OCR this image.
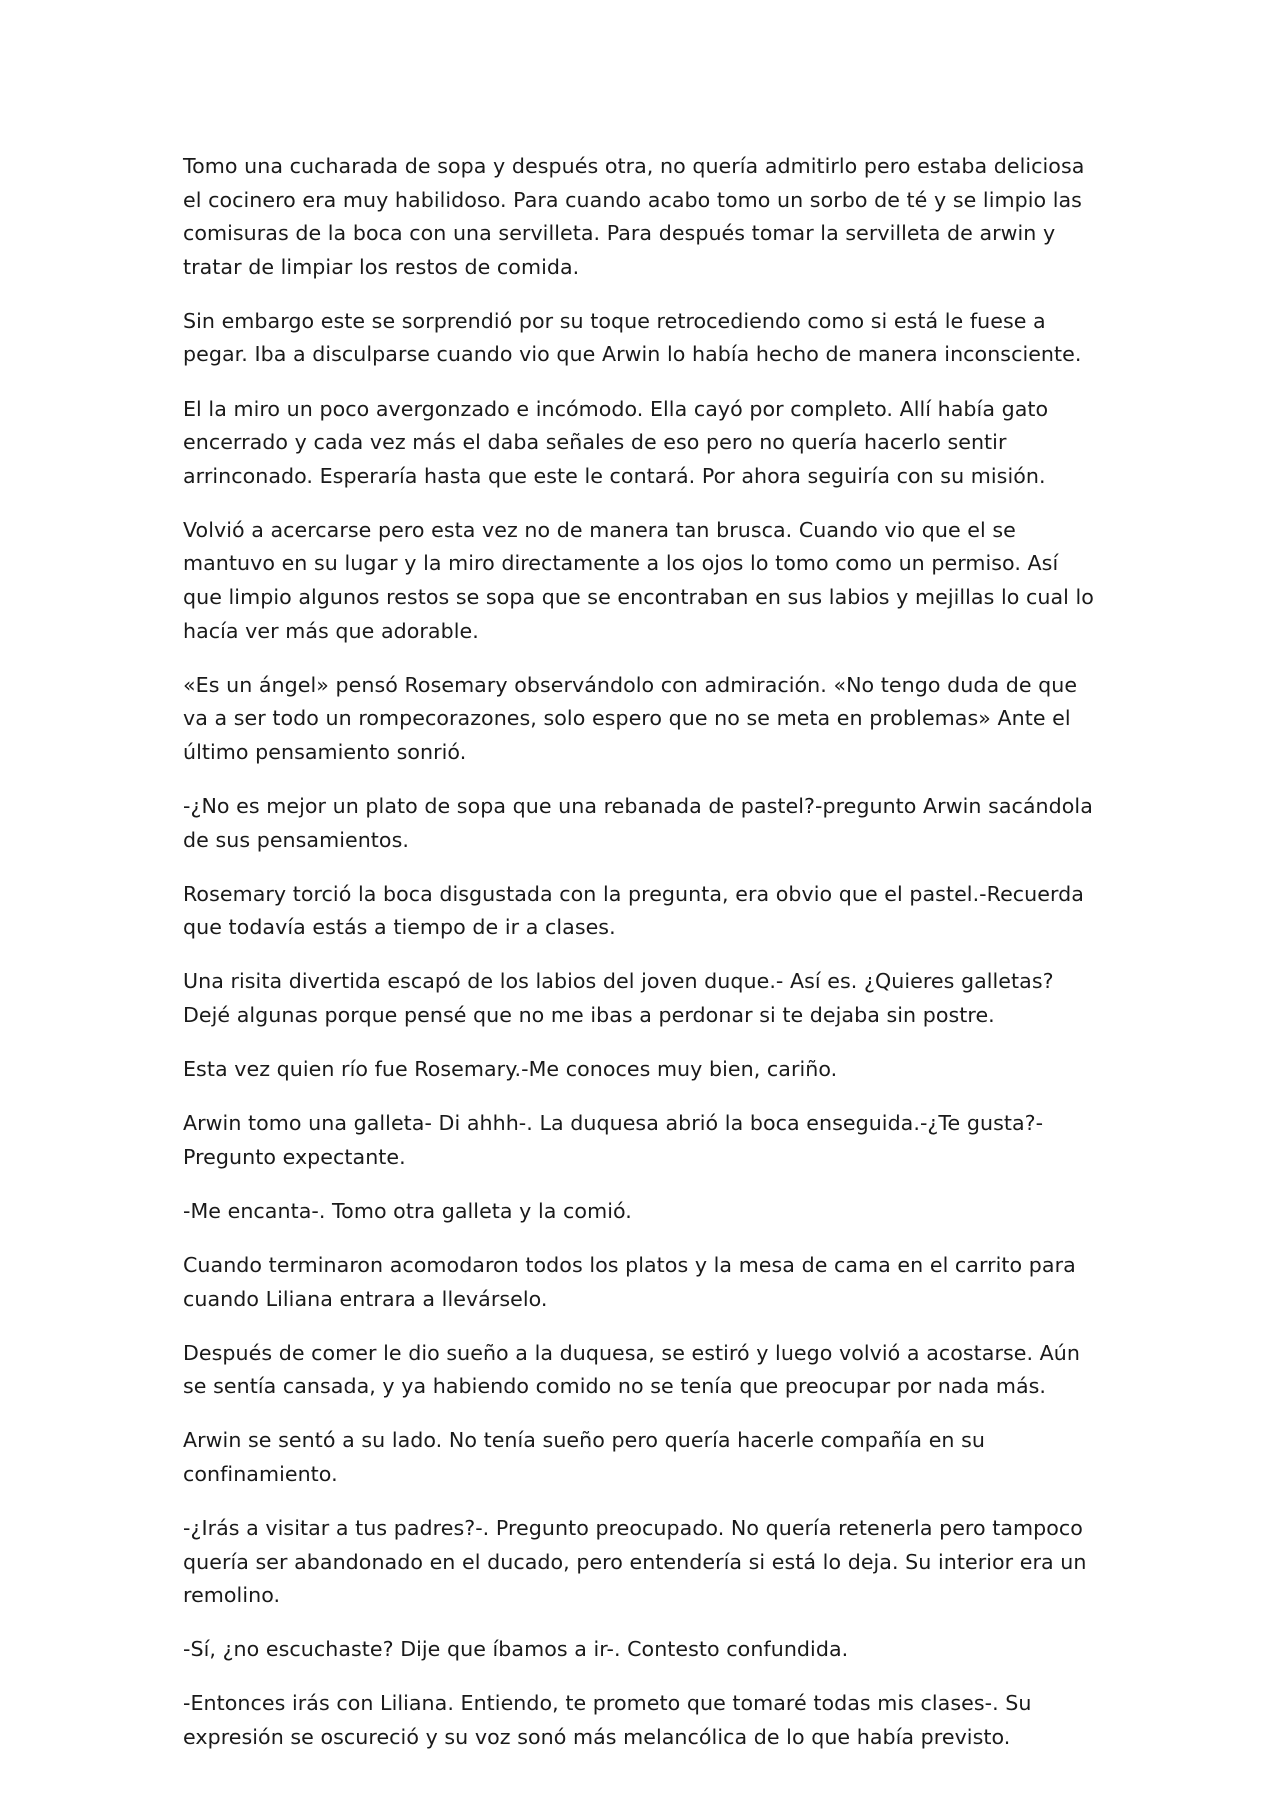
Tomo una cucharada de sopa y después otra, no quería admitirlo pero estaba deliciosa el cocinero era muy habilidoso. Para cuando acabo tomo un sorbo de té y se limpio las comisuras de la boca con una servilleta. Para después tomar la servilleta de arwin y tratar de limpiar los restos de comida.

Sin embargo este se sorprendió por su toque retrocediendo como si está le fuese a pegar. Iba a disculparse cuando vio que Arwin lo había hecho de manera inconsciente.

El la miro un poco avergonzado e incómodo. Ella cayó por completo. Allí había gato encerrado y cada vez más el daba señales de eso pero no quería hacerlo sentir arrinconado. Esperaría hasta que este le contará. Por ahora seguiría con su misión.

Volvió a acercarse pero esta vez no de manera tan brusca. Cuando vio que el se mantuvo en su lugar y la miro directamente a los ojos lo tomo como un permiso. Así que limpio algunos restos se sopa que se encontraban en sus labios y mejillas lo cual lo hacía ver más que adorable.

«Es un ángel» pensó Rosemary observándolo con admiración. «No tengo duda de que va a ser todo un rompecorazones, solo espero que no se meta en problemas» Ante el último pensamiento sonrió.

-¿No es mejor un plato de sopa que una rebanada de pastel?-pregunto Arwin sacándola de sus pensamientos.

Rosemary torció la boca disgustada con la pregunta, era obvio que el pastel.-Recuerda que todavía estás a tiempo de ir a clases.

Una risita divertida escapó de los labios del joven duque.- Así es. ¿Quieres galletas? Dejé algunas porque pensé que no me ibas a perdonar si te dejaba sin postre.

Esta vez quien río fue Rosemary.-Me conoces muy bien, cariño.

Arwin tomo una galleta- Di ahhh-. La duquesa abrió la boca enseguida.-¿Te gusta?-Pregunto expectante.

-Me encanta-. Tomo otra galleta y la comió.

Cuando terminaron acomodaron todos los platos y la mesa de cama en el carrito para cuando Liliana entrara a llevárselo.

Después de comer le dio sueño a la duquesa, se estiró y luego volvió a acostarse. Aún se sentía cansada, y ya habiendo comido no se tenía que preocupar por nada más.

Arwin se sentó a su lado. No tenía sueño pero quería hacerle compañía en su confinamiento.

-¿Irás a visitar a tus padres?-. Pregunto preocupado. No quería retenerla pero tampoco quería ser abandonado en el ducado, pero entendería si está lo deja. Su interior era un remolino.

-Sí, ¿no escuchaste? Dije que íbamos a ir-. Contesto confundida.

-Entonces irás con Liliana. Entiendo, te prometo que tomaré todas mis clases-. Su expresión se oscureció y su voz sonó más melancólica de lo que había previsto.
